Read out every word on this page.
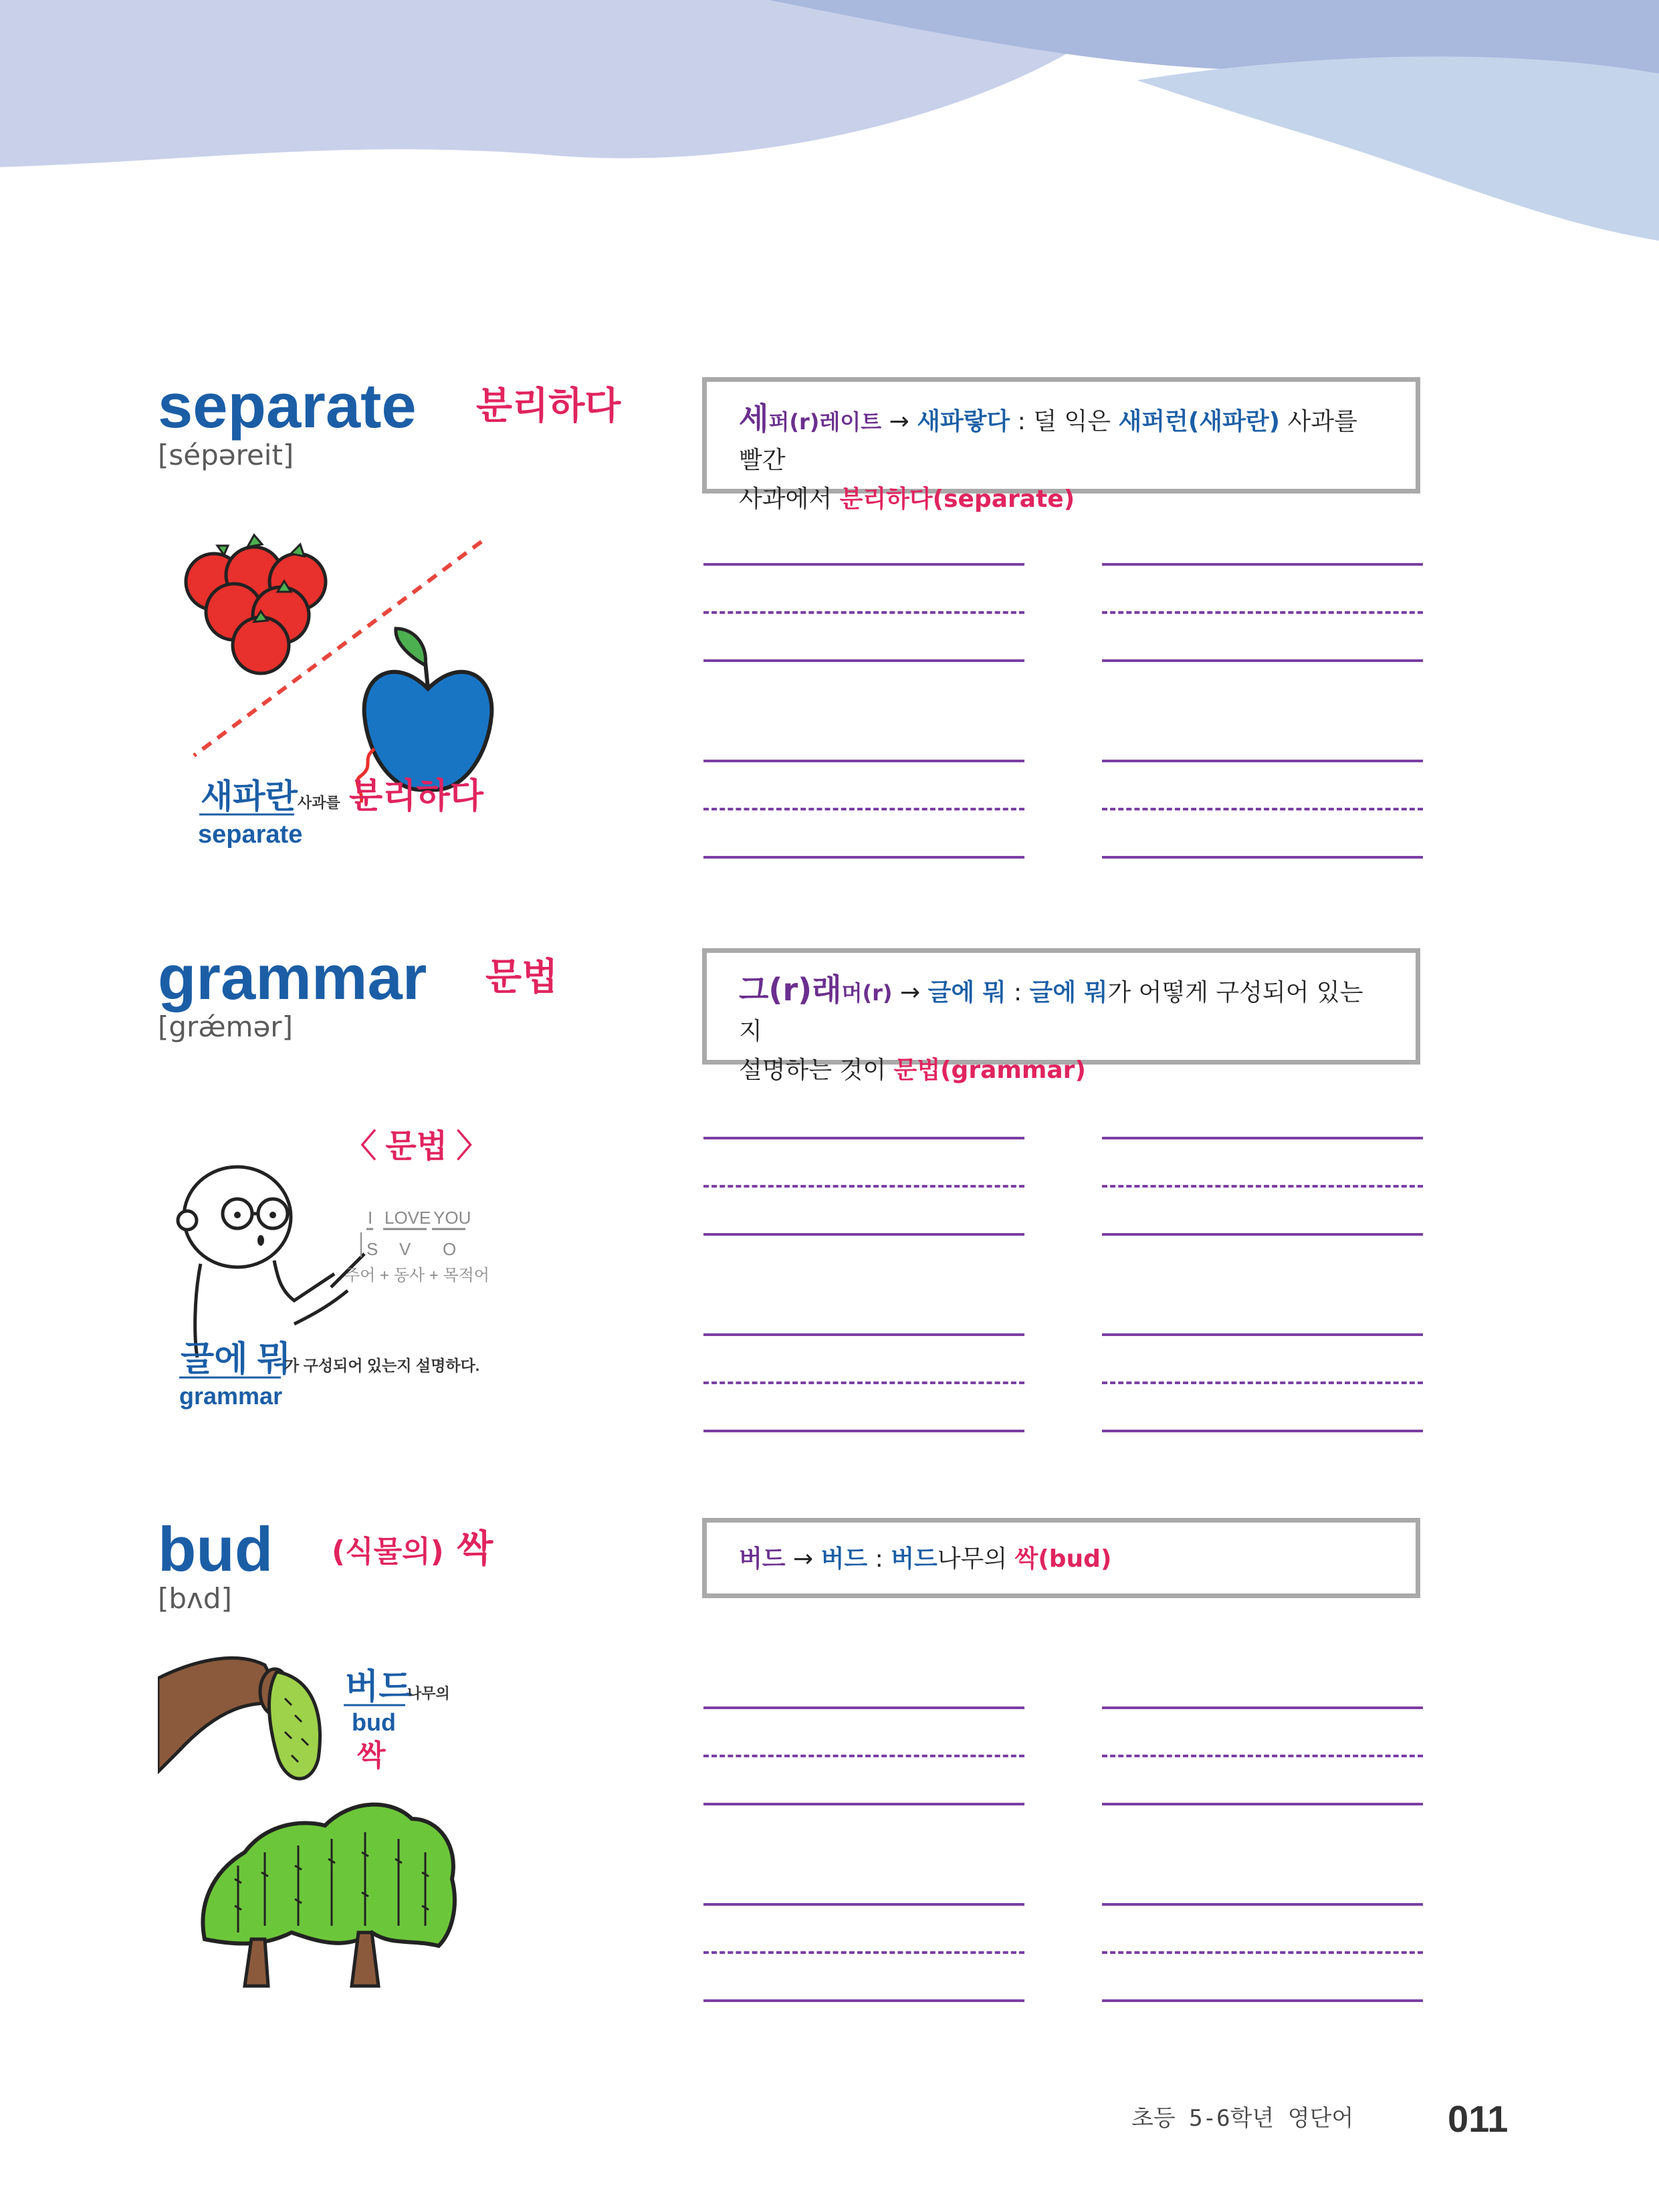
separate 분리하다
[sépəreit]
세퍼(r)레이트 → 새파랗다 : 덜 익은 새퍼런(새파란) 사과를 빨간
사과에서 분리하다(separate)
새파란 사과를 분리하다
separate
grammar 문법
[grǽmər]
그(r)래머(r) → 글에 뭐 : 글에 뭐가 어떻게 구성되어 있는지
설명하는 것이 문법(grammar)
〈 문법 〉
I LOVE YOU
S V O
주어 + 동사 + 목적어
글에 뭐
가 구성되어 있는지 설명하다.
grammar
bud (식물의) 싹
[bʌd]
버드 → 버드 : 버드나무의 싹(bud)
버드
나무의
bud
싹
초등 5-6학년 영단어	011
